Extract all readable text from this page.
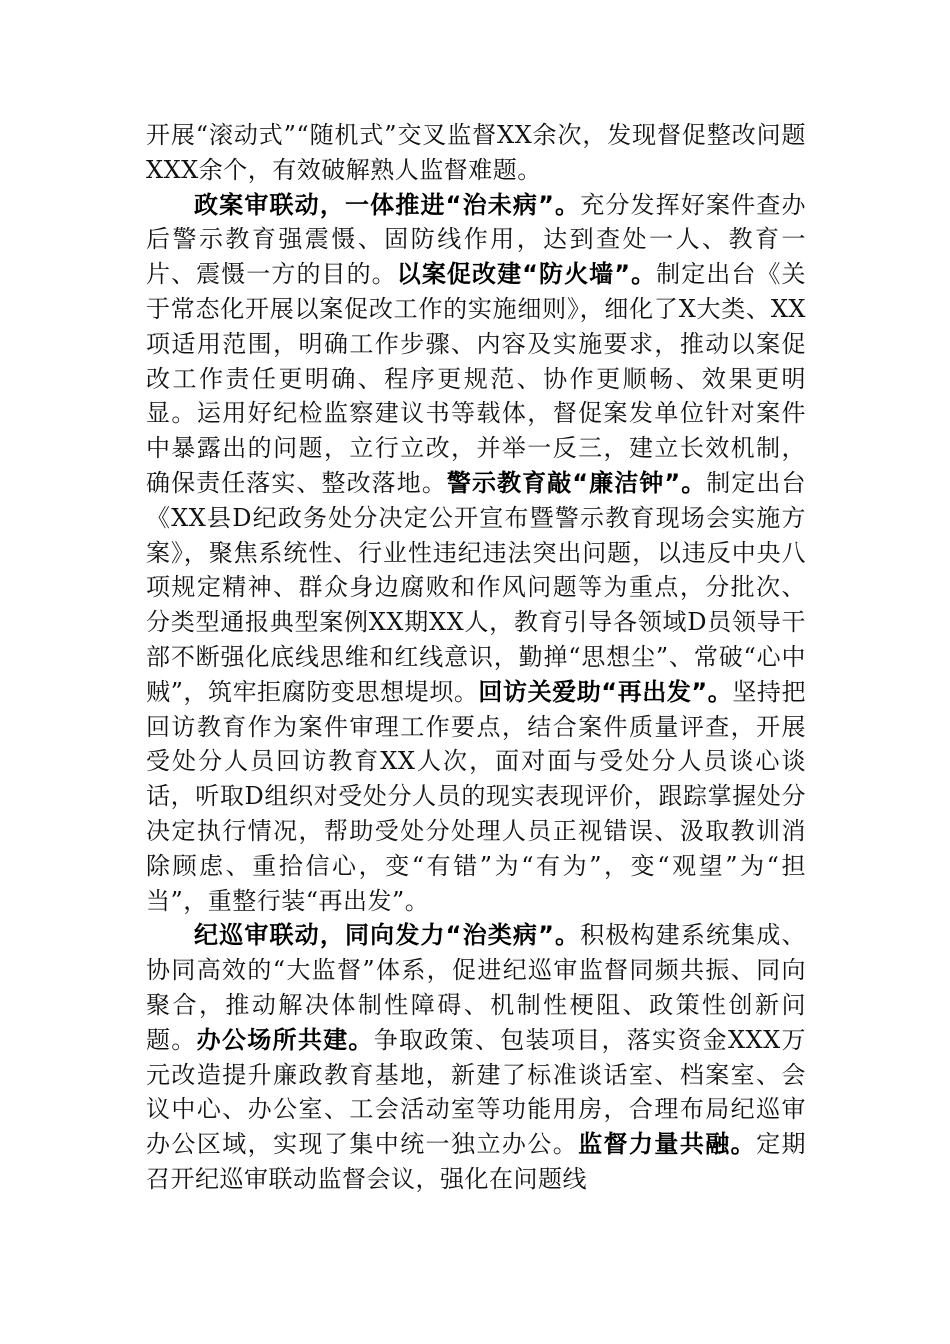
开展“滚动式”“随机式”交叉监督XX余次，发现督促整改问题XXX余个，有效破解熟人监督难题。

政案审联动，一体推进“治未病”。充分发挥好案件查办后警示教育强震慑、固防线作用，达到查处一人、教育一片、震慑一方的目的。以案促改建“防火墙”。制定出台《关于常态化开展以案促改工作的实施细则》，细化了X大类、XX项适用范围，明确工作步骤、内容及实施要求，推动以案促改工作责任更明确、程序更规范、协作更顺畅、效果更明显。运用好纪检监察建议书等载体，督促案发单位针对案件中暴露出的问题，立行立改，并举一反三，建立长效机制，确保责任落实、整改落地。警示教育敲“廉洁钟”。制定出台《XX县D纪政务处分决定公开宣布暨警示教育现场会实施方案》，聚焦系统性、行业性违纪违法突出问题，以违反中央八项规定精神、群众身边腐败和作风问题等为重点，分批次、分类型通报典型案例XX期XX人，教育引导各领域D员领导干部不断强化底线思维和红线意识，勤掸“思想尘”、常破“心中贼”，筑牢拒腐防变思想堤坝。回访关爱助“再出发”。坚持把回访教育作为案件审理工作要点，结合案件质量评查，开展受处分人员回访教育XX人次，面对面与受处分人员谈心谈话，听取D组织对受处分人员的现实表现评价，跟踪掌握处分决定执行情况，帮助受处分处理人员正视错误、汲取教训消除顾虑、重拾信心，变“有错”为“有为”，变“观望”为“担当”，重整行装“再出发”。

纪巡审联动，同向发力“治类病”。积极构建系统集成、协同高效的“大监督”体系，促进纪巡审监督同频共振、同向聚合，推动解决体制性障碍、机制性梗阻、政策性创新问题。办公场所共建。争取政策、包装项目，落实资金XXX万元改造提升廉政教育基地，新建了标准谈话室、档案室、会议中心、办公室、工会活动室等功能用房，合理布局纪巡审办公区域，实现了集中统一独立办公。监督力量共融。定期召开纪巡审联动监督会议，强化在问题线
